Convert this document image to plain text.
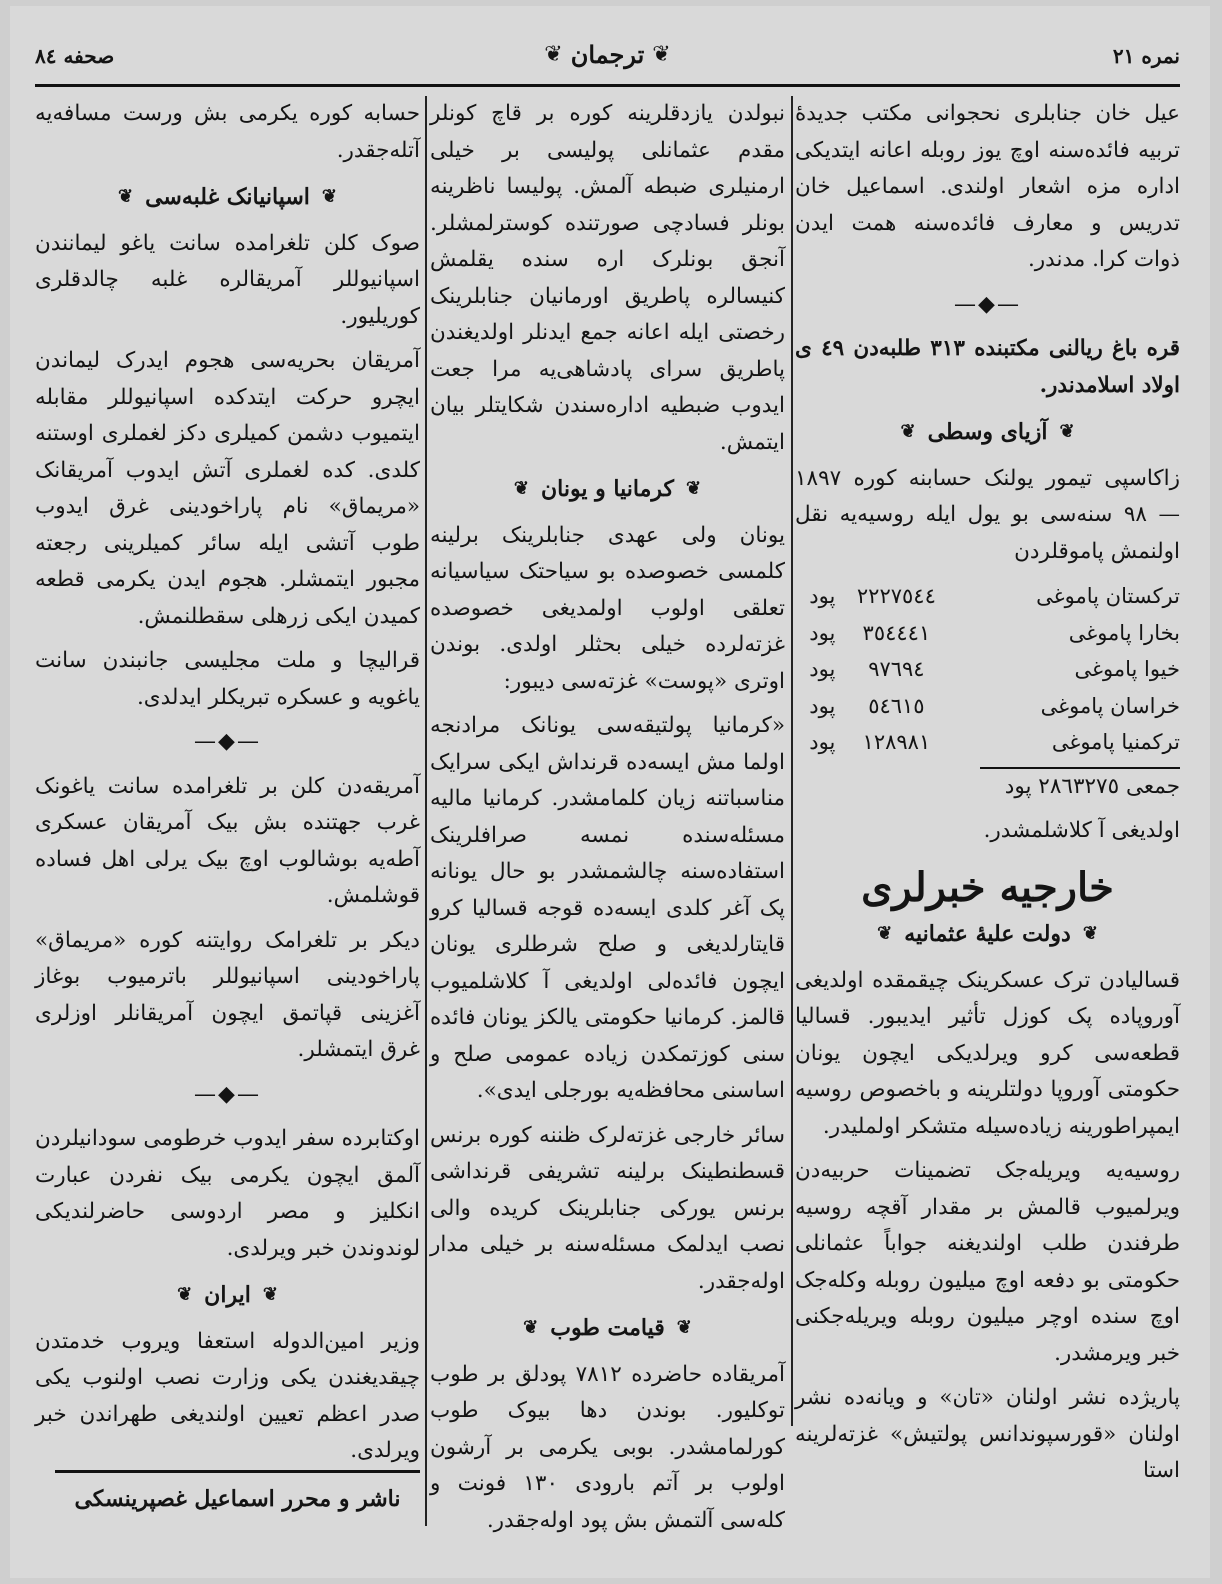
صحفه ٨٤	❦
ترجمان
❦	نمره ٢١

عیل خان جنابلری نحجوانی مکتب جدیدهٔ تربیه فائده‌سنه اوچ یوز روبله اعانه ایتدیکی اداره مزه اشعار اولندی. اسماعیل خان تدریس و معارف فائده‌سنه همت ایدن ذوات کرا. مدندر.

—◆—

قره باغ ریالنی مکتبنده ٣١٣ طلبه‌دن ٤٩ ی اولاد اسلامدندر.

❦
آزیای وسطی
❦

زاکاسپی تیمور یولنک حسابنه کوره ١٨٩٧ — ٩٨ سنه‌سی بو یول ایله روسیه‌یه نقل اولنمش پاموقلردن

ترکستان پاموغی	٢٢٢٧٥٤٤	پود
بخارا پاموغی	٣٥٤٤٤١	پود
خیوا پاموغی	٩٧٦٩٤	پود
خراسان پاموغی	٥٤٦١٥	پود
ترکمنیا پاموغی	١٢٨٩٨١	پود

جمعی ٢٨٦٣٢٧٥ پود

اولدیغی آ کلاشلمشدر.

خارجیه خبرلری
❦
دولت علیهٔ عثمانیه
❦

قسالیادن ترک عسکرینک چیقمقده اولدیغی آوروپاده پک کوزل تأثیر ایدیبور. قسالیا قطعه‌سی کرو ویرلدیکی ایچون یونان حکومتی آوروپا دولتلرینه و باخصوص روسیه ایمپراطورینه زیاده‌سیله متشکر اولملیدر.

روسیه‌یه ویریله‌جک تضمینات حربیه‌دن ویرلمیوب قالمش بر مقدار آقچه روسیه طرفندن طلب اولندیغنه جواباً عثمانلی حکومتی بو دفعه اوچ میلیون روبله وکله‌جک اوچ سنده اوچر میلیون روبله ویریله‌جکنی خبر ویرمشدر.

پاریژده نشر اولنان «تان» و ویانه‌ده نشر اولنان «قورسپوندانس پولتیش» غزته‌لرینه استا

نبولدن یازدقلرینه کوره بر قاچ کونلر مقدم عثمانلی پولیسی بر خیلی ارمنیلری ضبطه آلمش. پولیسا ناظرینه بونلر فسادچی صورتنده کوسترلمشلر. آنجق بونلرک اره سنده یقلمش کنیسالره پاطریق اورمانیان جنابلرینک رخصتی ایله اعانه جمع ایدنلر اولدیغندن پاطریق سرای پادشاهی‌یه مرا جعت ایدوب ضبطیه اداره‌سندن شکایتلر بیان ایتمش.

❦
کرمانیا و یونان
❦

یونان ولی عهدی جنابلرینک برلینه کلمسی خصوصده بو سیاحتک سیاسیانه تعلقی اولوب اولمدیغی خصوصده غزته‌لرده خیلی بحثلر اولدی. بوندن اوتری «پوست» غزته‌سی دیبور:

«کرمانیا پولتیقه‌سی یونانک مرادنجه اولما مش ایسه‌ده قرنداش ایکی سرایک مناسباتنه زیان کلمامشدر. کرمانیا مالیه مسئله‌سنده نمسه صرافلرینک استفاده‌سنه چالشمشدر بو حال یونانه پک آغر کلدی ایسه‌ده قوجه قسالیا کرو قایتارلدیغی و صلح شرطلری یونان ایچون فائده‌لی اولدیغی آ کلاشلمیوب قالمز. کرمانیا حکومتی یالکز یونان فائده سنی کوزتمکدن زیاده عمومی صلح و اساسنی محافظه‌یه بورجلی ایدی».

سائر خارجی غزته‌لرک ظننه کوره برنس قسطنطینک برلینه تشریفی قرنداشی برنس یورکی جنابلرینک کریده والی نصب ایدلمک مسئله‌سنه بر خیلی مدار اوله‌جقدر.

❦
قیامت طوب
❦

آمریقاده حاضرده ٧٨١٢ پودلق بر طوب توکلیور. بوندن دها بیوک طوب کورلمامشدر. بوبی یکرمی بر آرشون اولوب بر آتم بارودی ١٣٠ فونت و کله‌سی آلتمش بش پود اوله‌جقدر.

حسابه کوره یکرمی بش ورست مسافه‌یه آتله‌جقدر.

❦
اسپانیانک غلبه‌سی
❦

صوک کلن تلغرامده سانت یاغو لیمانندن اسپانیوللر آمریقالره غلبه چالدقلری کوریلیور.

آمریقان بحریه‌سی هجوم ایدرک لیماندن ایچرو حرکت ایتدکده اسپانیوللر مقابله ایتمیوب دشمن کمیلری دکز لغملری اوستنه کلدی. کده لغملری آتش ایدوب آمریقانک «مریماق» نام پاراخودینی غرق ایدوب طوب آتشی ایله سائر کمیلرینی رجعته مجبور ایتمشلر. هجوم ایدن یکرمی قطعه کمیدن ایکی زرهلی سقطلنمش.

قرالیچا و ملت مجلیسی جانبندن سانت یاغویه و عسکره تبریکلر ایدلدی.

—◆—

آمریقه‌دن کلن بر تلغرامده سانت یاغونک غرب جهتنده بش بیک آمریقان عسکری آطه‌یه بوشالوب اوچ بیک یرلی اهل فساده قوشلمش.

دیکر بر تلغرامک روایتنه کوره «مریماق» پاراخودینی اسپانیوللر باترمیوب بوغاز آغزینی قپاتمق ایچون آمریقانلر اوزلری غرق ایتمشلر.

—◆—

اوکتابرده سفر ایدوب خرطومی سودانیلردن آلمق ایچون یکرمی بیک نفردن عبارت انکلیز و مصر اردوسی حاضرلندیکی لوندوندن خبر ویرلدی.

❦
ایران
❦

وزیر امین‌الدوله استعفا ویروب خدمتدن چیقدیغندن یکی وزارت نصب اولنوب یکی صدر اعظم تعیین اولندیغی طهراندن خبر ویرلدی.

ناشر و محرر اسماعیل غصپرینسکی
